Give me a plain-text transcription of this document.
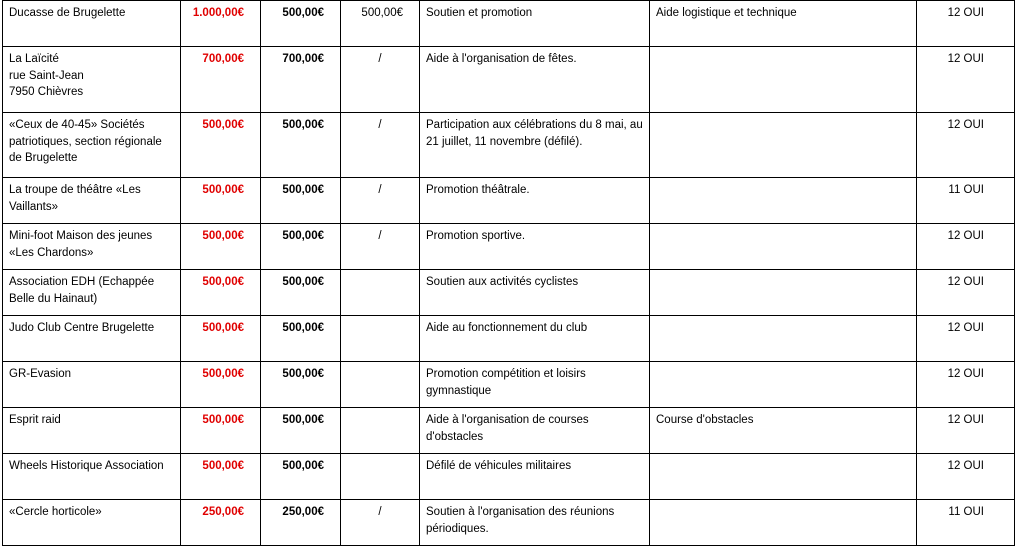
Ducasse de Brugelette	1.000,00€	500,00€	500,00€	Soutien et promotion	Aide logistique et technique	12 OUI
La Laïcité
rue Saint-Jean
7950 Chièvres	700,00€	700,00€	/	Aide à l'organisation de fêtes.		12 OUI
«Ceux de 40-45» Sociétés patriotiques, section régionale de Brugelette	500,00€	500,00€	/	Participation aux célébrations du 8 mai, au 21 juillet, 11 novembre (défilé).		12 OUI
La troupe de théâtre «Les Vaillants»	500,00€	500,00€	/	Promotion théâtrale.		11 OUI
Mini-foot Maison des jeunes «Les Chardons»	500,00€	500,00€	/	Promotion sportive.		12 OUI
Association EDH (Echappée Belle du Hainaut)	500,00€	500,00€		Soutien aux activités cyclistes		12 OUI
Judo Club Centre Brugelette	500,00€	500,00€		Aide au fonctionnement du club		12 OUI
GR-Evasion	500,00€	500,00€		Promotion compétition et loisirs gymnastique		12 OUI
Esprit raid	500,00€	500,00€		Aide à l'organisation de courses d'obstacles	Course d'obstacles	12 OUI
Wheels Historique Association	500,00€	500,00€		Défilé de véhicules militaires		12 OUI
«Cercle horticole»	250,00€	250,00€	/	Soutien à l'organisation des réunions périodiques.		11 OUI
